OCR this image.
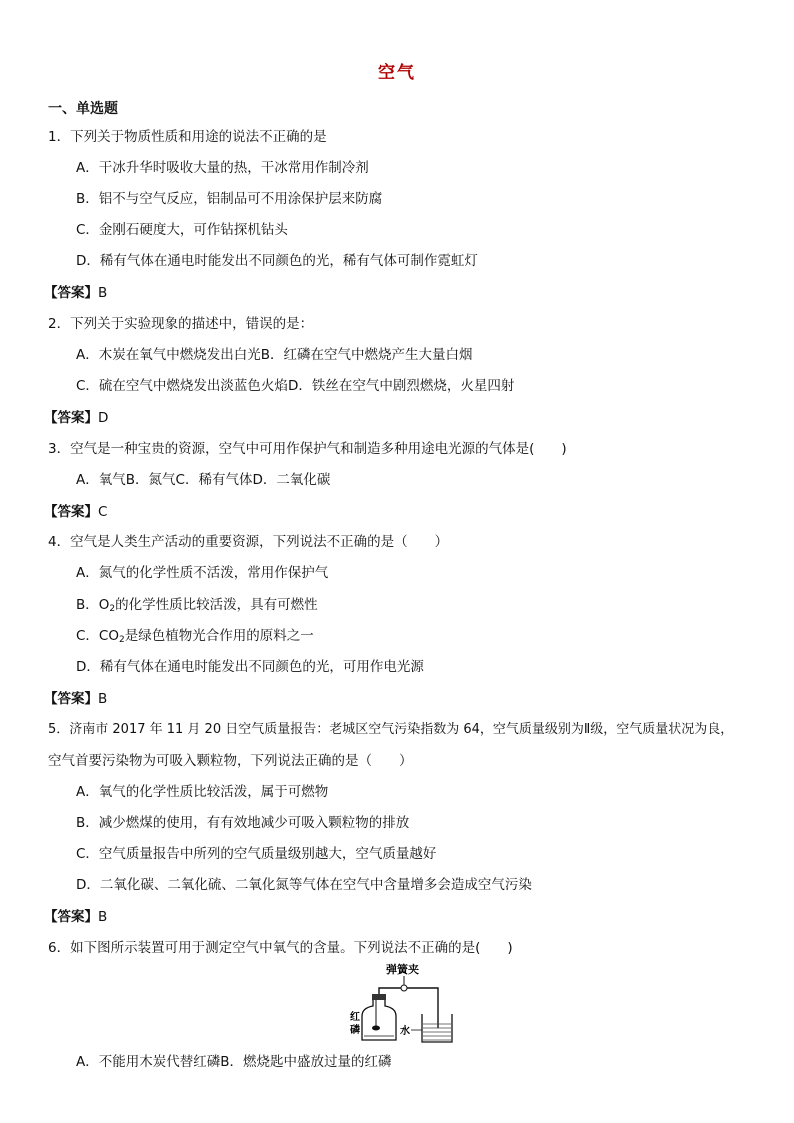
空气
一、单选题
1．下列关于物质性质和用途的说法不正确的是
A．干冰升华时吸收大量的热，干冰常用作制冷剂
B．铝不与空气反应，铝制品可不用涂保护层来防腐
C．金刚石硬度大，可作钻探机钻头
D．稀有气体在通电时能发出不同颜色的光，稀有气体可制作霓虹灯
【答案】B
2．下列关于实验现象的描述中，错误的是：
A．木炭在氧气中燃烧发出白光B．红磷在空气中燃烧产生大量白烟
C．硫在空气中燃烧发出淡蓝色火焰D．铁丝在空气中剧烈燃烧，火星四射
【答案】D
3．空气是一种宝贵的资源，空气中可用作保护气和制造多种用途电光源的气体是(　　)
A．氧气B．氮气C．稀有气体D．二氧化碳
【答案】C
4．空气是人类生产活动的重要资源，下列说法不正确的是（　　）
A．氮气的化学性质不活泼，常用作保护气
B．$O_2$的化学性质比较活泼，具有可燃性
C．$CO_2$是绿色植物光合作用的原料之一
D．稀有气体在通电时能发出不同颜色的光，可用作电光源
【答案】B
5．济南市 2017 年 11 月 20 日空气质量报告：老城区空气污染指数为 64，空气质量级别为Ⅱ级，空气质量状况为良，
空气首要污染物为可吸入颗粒物，下列说法正确的是（　　）
A．氧气的化学性质比较活泼，属于可燃物
B．减少燃煤的使用，有有效地减少可吸入颗粒物的排放
C．空气质量报告中所列的空气质量级别越大，空气质量越好
D．二氧化碳、二氧化硫、二氧化氮等气体在空气中含量增多会造成空气污染
【答案】B
6．如下图所示装置可用于测定空气中氧气的含量。下列说法不正确的是(　　)
弹簧夹
红
磷	水
A．不能用木炭代替红磷B．燃烧匙中盛放过量的红磷
